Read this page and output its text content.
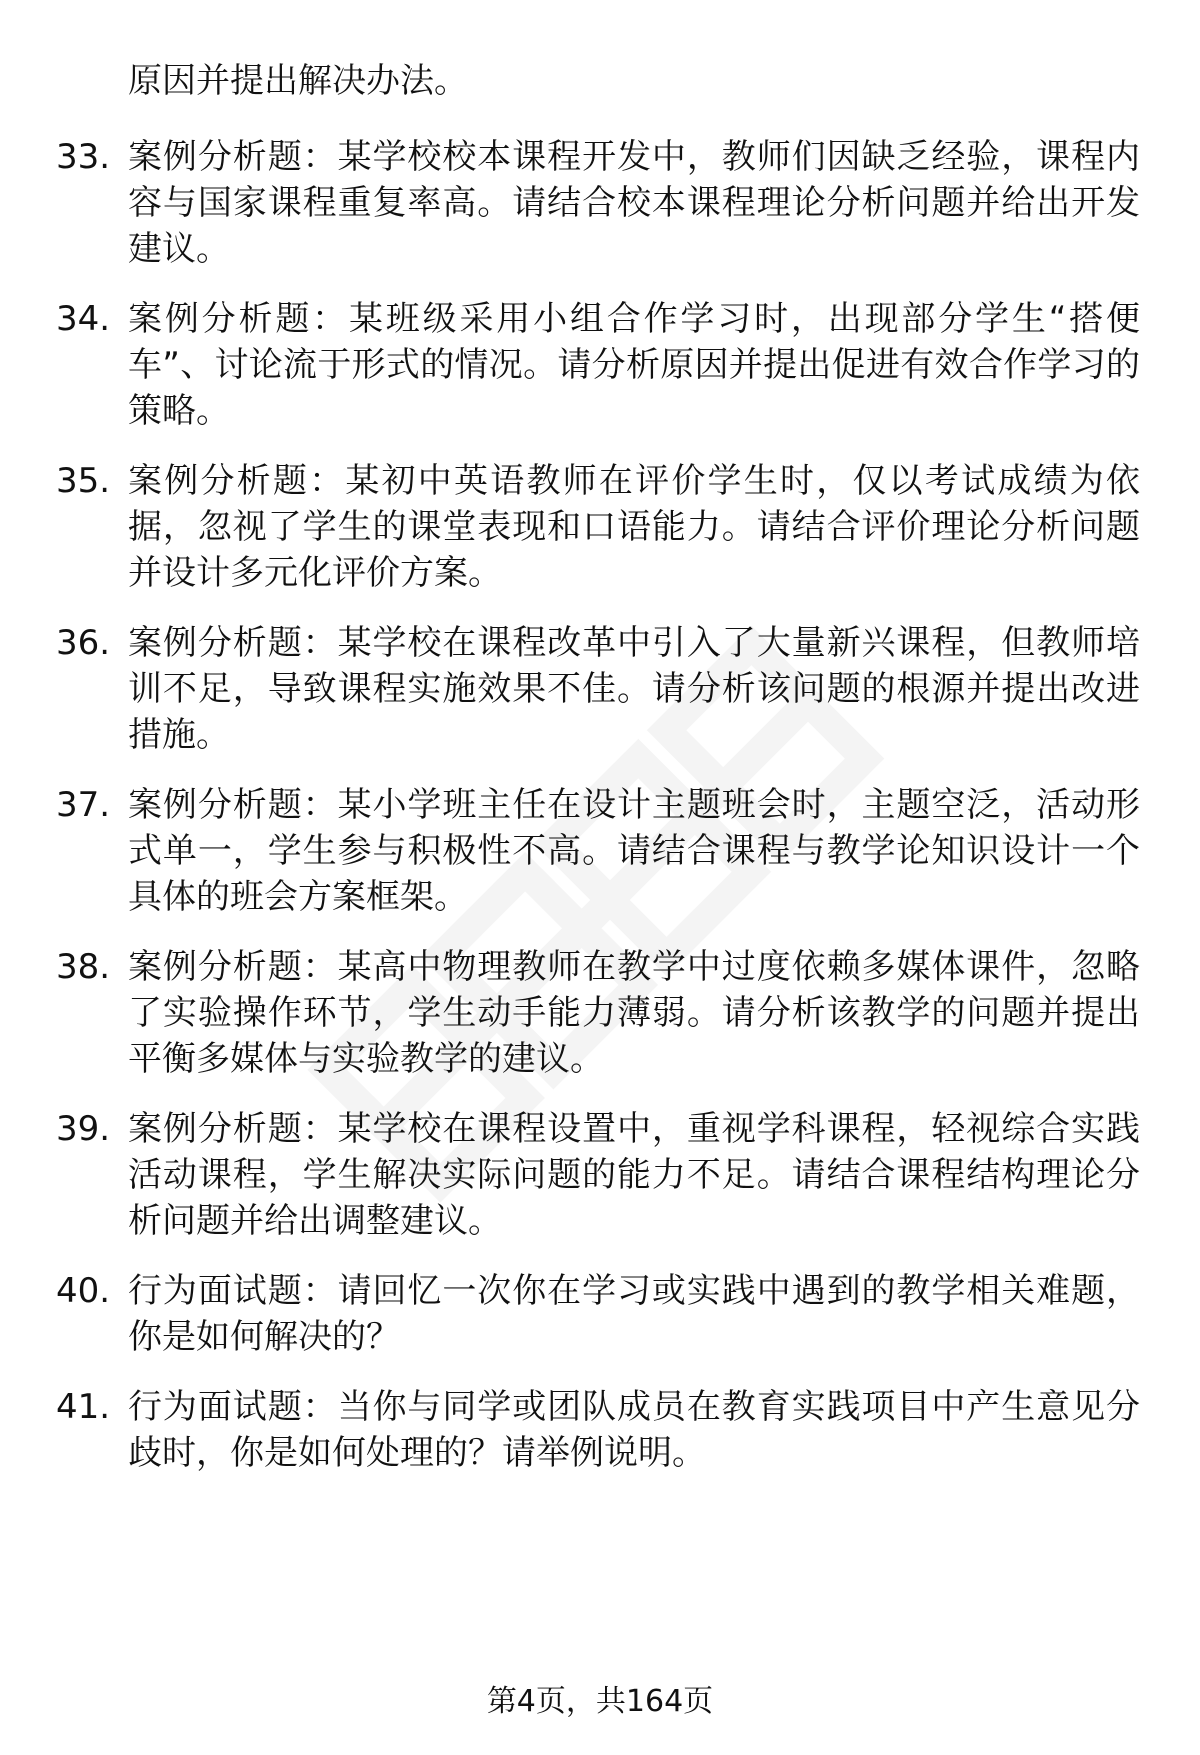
原因并提出解决办法。
33. 案例分析题：某学校校本课程开发中，教师们因缺乏经验，课程内容与国家课程重复率高。请结合校本课程理论分析问题并给出开发建议。
34. 案例分析题：某班级采用小组合作学习时，出现部分学生“搭便车”、讨论流于形式的情况。请分析原因并提出促进有效合作学习的策略。
35. 案例分析题：某初中英语教师在评价学生时，仅以考试成绩为依据，忽视了学生的课堂表现和口语能力。请结合评价理论分析问题并设计多元化评价方案。
36. 案例分析题：某学校在课程改革中引入了大量新兴课程，但教师培训不足，导致课程实施效果不佳。请分析该问题的根源并提出改进措施。
37. 案例分析题：某小学班主任在设计主题班会时，主题空泛，活动形式单一，学生参与积极性不高。请结合课程与教学论知识设计一个具体的班会方案框架。
38. 案例分析题：某高中物理教师在教学中过度依赖多媒体课件，忽略了实验操作环节，学生动手能力薄弱。请分析该教学的问题并提出平衡多媒体与实验教学的建议。
39. 案例分析题：某学校在课程设置中，重视学科课程，轻视综合实践活动课程，学生解决实际问题的能力不足。请结合课程结构理论分析问题并给出调整建议。
40. 行为面试题：请回忆一次你在学习或实践中遇到的教学相关难题，你是如何解决的？
41. 行为面试题：当你与同学或团队成员在教育实践项目中产生意见分歧时，你是如何处理的？请举例说明。
第4页，共164页
